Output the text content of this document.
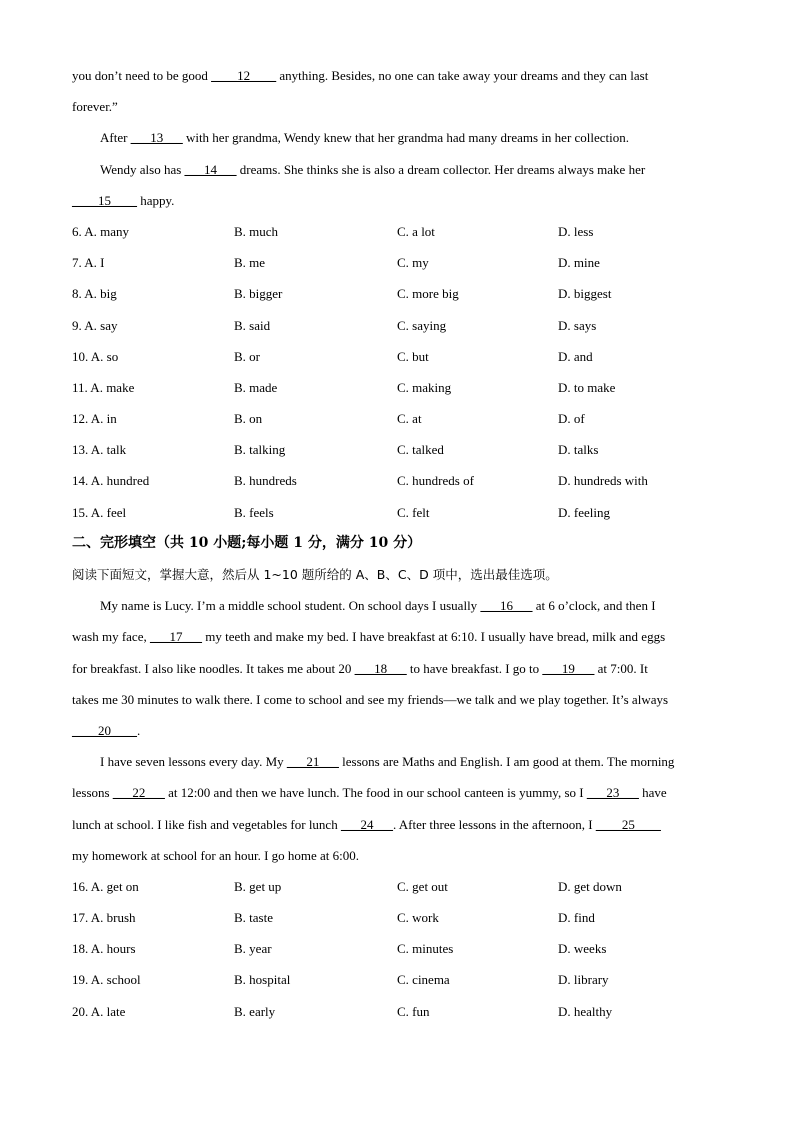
you don’t need to be good ____12____ anything. Besides, no one can take away your dreams and they can last
forever.”
After ___13___ with her grandma, Wendy knew that her grandma had many dreams in her collection.
Wendy also has ___14___ dreams. She thinks she is also a dream collector. Her dreams always make her
____15____ happy.
6. A. many	B. much	C. a lot	D. less
7. A. I	B. me	C. my	D. mine
8. A. big	B. bigger	C. more big	D. biggest
9. A. say	B. said	C. saying	D. says
10. A. so	B. or	C. but	D. and
11. A. make	B. made	C. making	D. to make
12. A. in	B. on	C. at	D. of
13. A. talk	B. talking	C. talked	D. talks
14. A. hundred	B. hundreds	C. hundreds of	D. hundreds with
15. A. feel	B. feels	C. felt	D. feeling
二、完形填空（共 10 小题;每小题 1 分，满分 10 分）
阅读下面短文，掌握大意，然后从 1~10 题所给的 A、B、C、D 项中，选出最佳选项。
My name is Lucy. I’m a middle school student. On school days I usually ___16___ at 6 o’clock, and then I
wash my face, ___17___ my teeth and make my bed. I have breakfast at 6:10. I usually have bread, milk and eggs
for breakfast. I also like noodles. It takes me about 20 ___18___ to have breakfast. I go to ___19___ at 7:00. It
takes me 30 minutes to walk there. I come to school and see my friends—we talk and we play together. It’s always
____20____.
I have seven lessons every day. My ___21___ lessons are Maths and English. I am good at them. The morning
lessons ___22___ at 12:00 and then we have lunch. The food in our school canteen is yummy, so I ___23___ have
lunch at school. I like fish and vegetables for lunch ___24___. After three lessons in the afternoon, I ____25____
my homework at school for an hour. I go home at 6:00.
16. A. get on	B. get up	C. get out	D. get down
17. A. brush	B. taste	C. work	D. find
18. A. hours	B. year	C. minutes	D. weeks
19. A. school	B. hospital	C. cinema	D. library
20. A. late	B. early	C. fun	D. healthy
